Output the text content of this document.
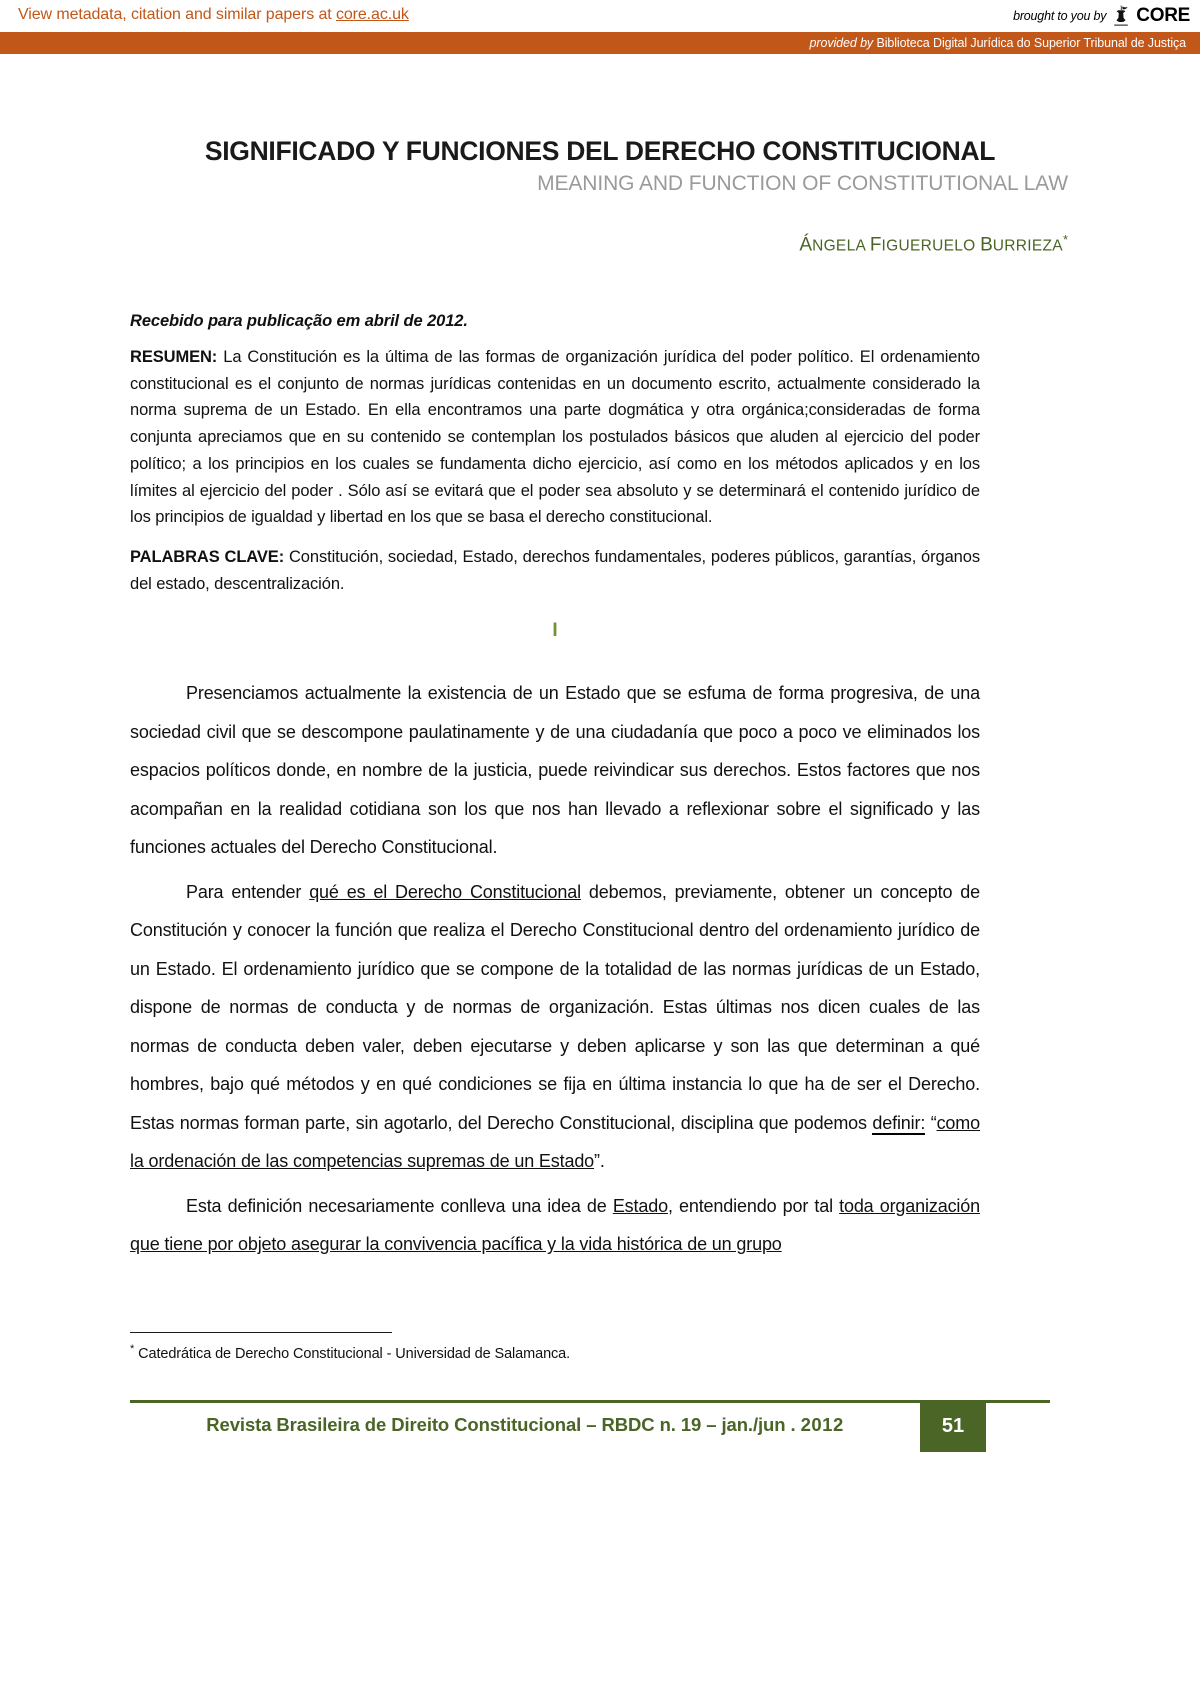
View metadata, citation and similar papers at core.ac.uk	brought to you by CORE
provided by Biblioteca Digital Jurídica do Superior Tribunal de Justiça
SIGNIFICADO Y FUNCIONES DEL DERECHO CONSTITUCIONAL
MEANING AND FUNCTION OF CONSTITUTIONAL LAW
ÁNGELA FIGUERUELO BURRIEZA*
Recebido para publicação em abril de 2012.

RESUMEN: La Constitución es la última de las formas de organización jurídica del poder político. El ordenamiento constitucional es el conjunto de normas jurídicas contenidas en un documento escrito, actualmente considerado la norma suprema de un Estado. En ella encontramos una parte dogmática y otra orgánica;consideradas de forma conjunta apreciamos que en su contenido se contemplan los postulados básicos que aluden al ejercicio del poder político; a los principios en los cuales se fundamenta dicho ejercicio, así como en los métodos aplicados y en los límites al ejercicio del poder . Sólo así se evitará que el poder sea absoluto y se determinará el contenido jurídico de los principios de igualdad y libertad en los que se basa el derecho constitucional.

PALABRAS CLAVE: Constitución, sociedad, Estado, derechos fundamentales, poderes públicos, garantías, órganos del estado, descentralización.

I

Presenciamos actualmente la existencia de un Estado que se esfuma de forma progresiva, de una sociedad civil que se descompone paulatinamente y de una ciudadanía que poco a poco ve eliminados los espacios políticos donde, en nombre de la justicia, puede reivindicar sus derechos. Estos factores que nos acompañan en la realidad cotidiana son los que nos han llevado a reflexionar sobre el significado y las funciones actuales del Derecho Constitucional.

Para entender qué es el Derecho Constitucional debemos, previamente, obtener un concepto de Constitución y conocer la función que realiza el Derecho Constitucional dentro del ordenamiento jurídico de un Estado. El ordenamiento jurídico que se compone de la totalidad de las normas jurídicas de un Estado, dispone de normas de conducta y de normas de organización. Estas últimas nos dicen cuales de las normas de conducta deben valer, deben ejecutarse y deben aplicarse y son las que determinan a qué hombres, bajo qué métodos y en qué condiciones se fija en última instancia lo que ha de ser el Derecho. Estas normas forman parte, sin agotarlo, del Derecho Constitucional, disciplina que podemos definir: “como la ordenación de las competencias supremas de un Estado”.

Esta definición necesariamente conlleva una idea de Estado, entendiendo por tal toda organización que tiene por objeto asegurar la convivencia pacífica y la vida histórica de un grupo

* Catedrática de Derecho Constitucional - Universidad de Salamanca.
Revista Brasileira de Direito Constitucional – RBDC n. 19 – jan./jun . 2012	51
